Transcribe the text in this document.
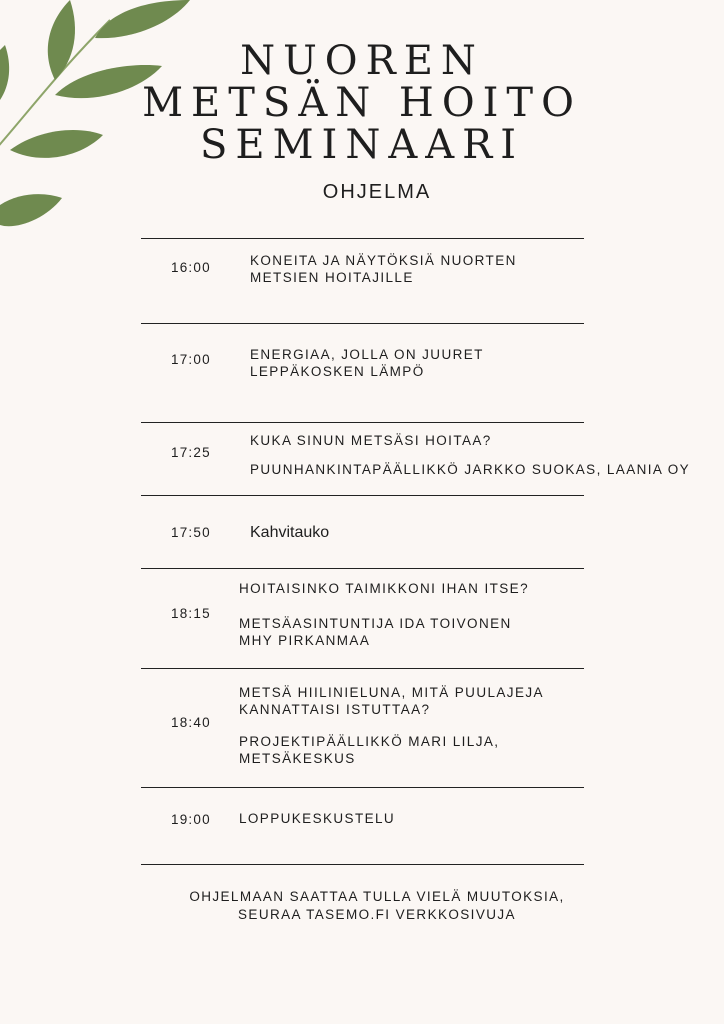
NUOREN
METSÄN HOITO
SEMINAARI
OHJELMA
16:00	KONEITA JA NÄYTÖKSIÄ NUORTEN
METSIEN HOITAJILLE
17:00	ENERGIAA, JOLLA ON JUURET
LEPPÄKOSKEN LÄMPÖ
17:25
KUKA SINUN METSÄSI HOITAA?
PUUNHANKINTAPÄÄLLIKKÖ JARKKO SUOKAS, LAANIA OY
17:50 Kahvitauko
18:15
HOITAISINKO TAIMIKKONI IHAN ITSE?
METSÄASINTUNTIJA IDA TOIVONEN
MHY PIRKANMAA
18:40
METSÄ HIILINIELUNA, MITÄ PUULAJEJA
KANNATTAISI ISTUTTAA?
PROJEKTIPÄÄLLIKKÖ MARI LILJA,
METSÄKESKUS
19:00 LOPPUKESKUSTELU
OHJELMAAN SAATTAA TULLA VIELÄ MUUTOKSIA,
SEURAA TASEMO.FI VERKKOSIVUJA
